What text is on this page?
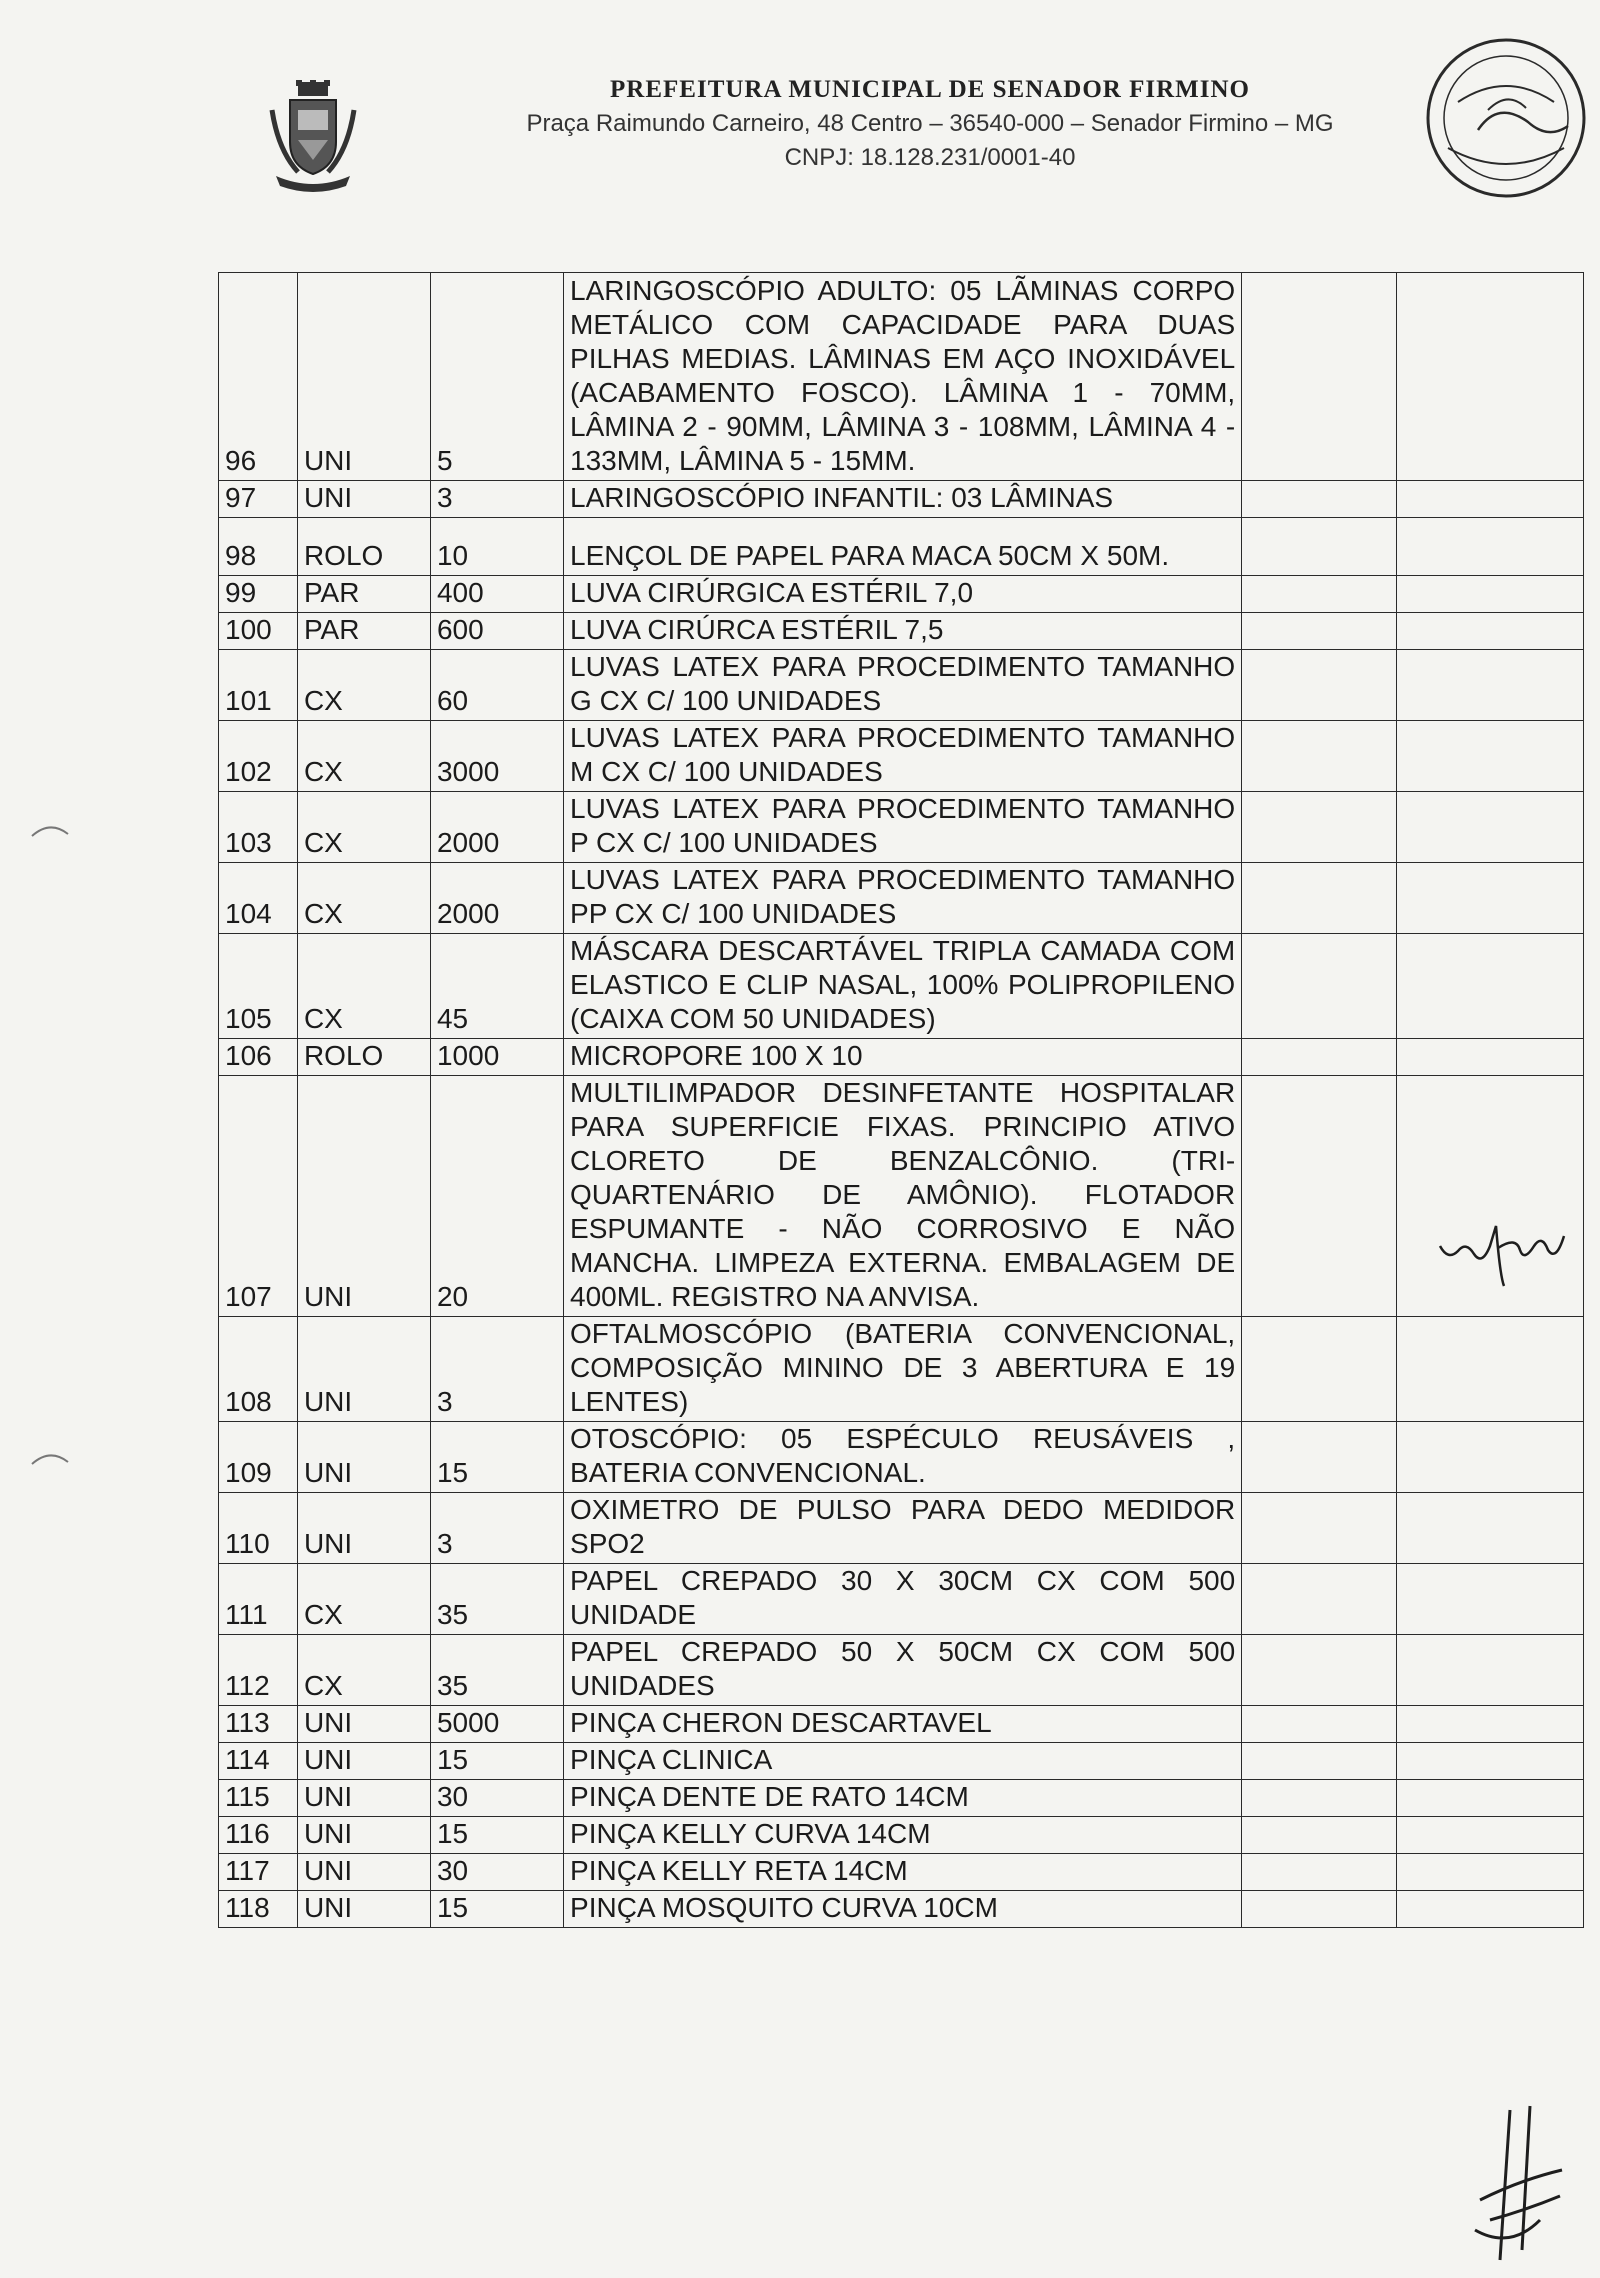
PREFEITURA MUNICIPAL DE SENADOR FIRMINO
Praça Raimundo Carneiro, 48 Centro – 36540-000 – Senador Firmino – MG
CNPJ: 18.128.231/0001-40
96	UNI	5	LARINGOSCÓPIO ADULTO: 05 LÃMINAS CORPO METÁLICO COM CAPACIDADE PARA DUAS PILHAS MEDIAS. LÂMINAS EM AÇO INOXIDÁVEL (ACABAMENTO FOSCO). LÂMINA 1 - 70MM, LÂMINA 2 - 90MM, LÂMINA 3 - 108MM, LÂMINA 4 - 133MM, LÂMINA 5 - 15MM.		
97	UNI	3	LARINGOSCÓPIO INFANTIL: 03 LÂMINAS		
98	ROLO	10	LENÇOL DE PAPEL PARA MACA 50CM X 50M.		
99	PAR	400	LUVA CIRÚRGICA ESTÉRIL 7,0		
100	PAR	600	LUVA CIRÚRCA ESTÉRIL 7,5		
101	CX	60	LUVAS LATEX PARA PROCEDIMENTO TAMANHO G CX C/ 100 UNIDADES		
102	CX	3000	LUVAS LATEX PARA PROCEDIMENTO TAMANHO M CX C/ 100 UNIDADES		
103	CX	2000	LUVAS LATEX PARA PROCEDIMENTO TAMANHO P CX C/ 100 UNIDADES		
104	CX	2000	LUVAS LATEX PARA PROCEDIMENTO TAMANHO PP CX C/ 100 UNIDADES		
105	CX	45	MÁSCARA DESCARTÁVEL TRIPLA CAMADA COM ELASTICO E CLIP NASAL, 100% POLIPROPILENO (CAIXA COM 50 UNIDADES)		
106	ROLO	1000	MICROPORE 100 X 10		
107	UNI	20	MULTILIMPADOR DESINFETANTE HOSPITALAR PARA SUPERFICIE FIXAS. PRINCIPIO ATIVO CLORETO DE BENZALCÔNIO. (TRI-QUARTENÁRIO DE AMÔNIO). FLOTADOR ESPUMANTE - NÃO CORROSIVO E NÃO MANCHA. LIMPEZA EXTERNA. EMBALAGEM DE 400ML. REGISTRO NA ANVISA.		
108	UNI	3	OFTALMOSCÓPIO (BATERIA CONVENCIONAL, COMPOSIÇÃO MININO DE 3 ABERTURA E 19 LENTES)		
109	UNI	15	OTOSCÓPIO: 05 ESPÉCULO REUSÁVEIS , BATERIA CONVENCIONAL.		
110	UNI	3	OXIMETRO DE PULSO PARA DEDO MEDIDOR SPO2		
111	CX	35	PAPEL CREPADO 30 X 30CM CX COM 500 UNIDADE		
112	CX	35	PAPEL CREPADO 50 X 50CM CX COM 500 UNIDADES		
113	UNI	5000	PINÇA CHERON DESCARTAVEL		
114	UNI	15	PINÇA CLINICA		
115	UNI	30	PINÇA DENTE DE RATO 14CM		
116	UNI	15	PINÇA KELLY CURVA 14CM		
117	UNI	30	PINÇA KELLY RETA 14CM		
118	UNI	15	PINÇA MOSQUITO CURVA 10CM		
